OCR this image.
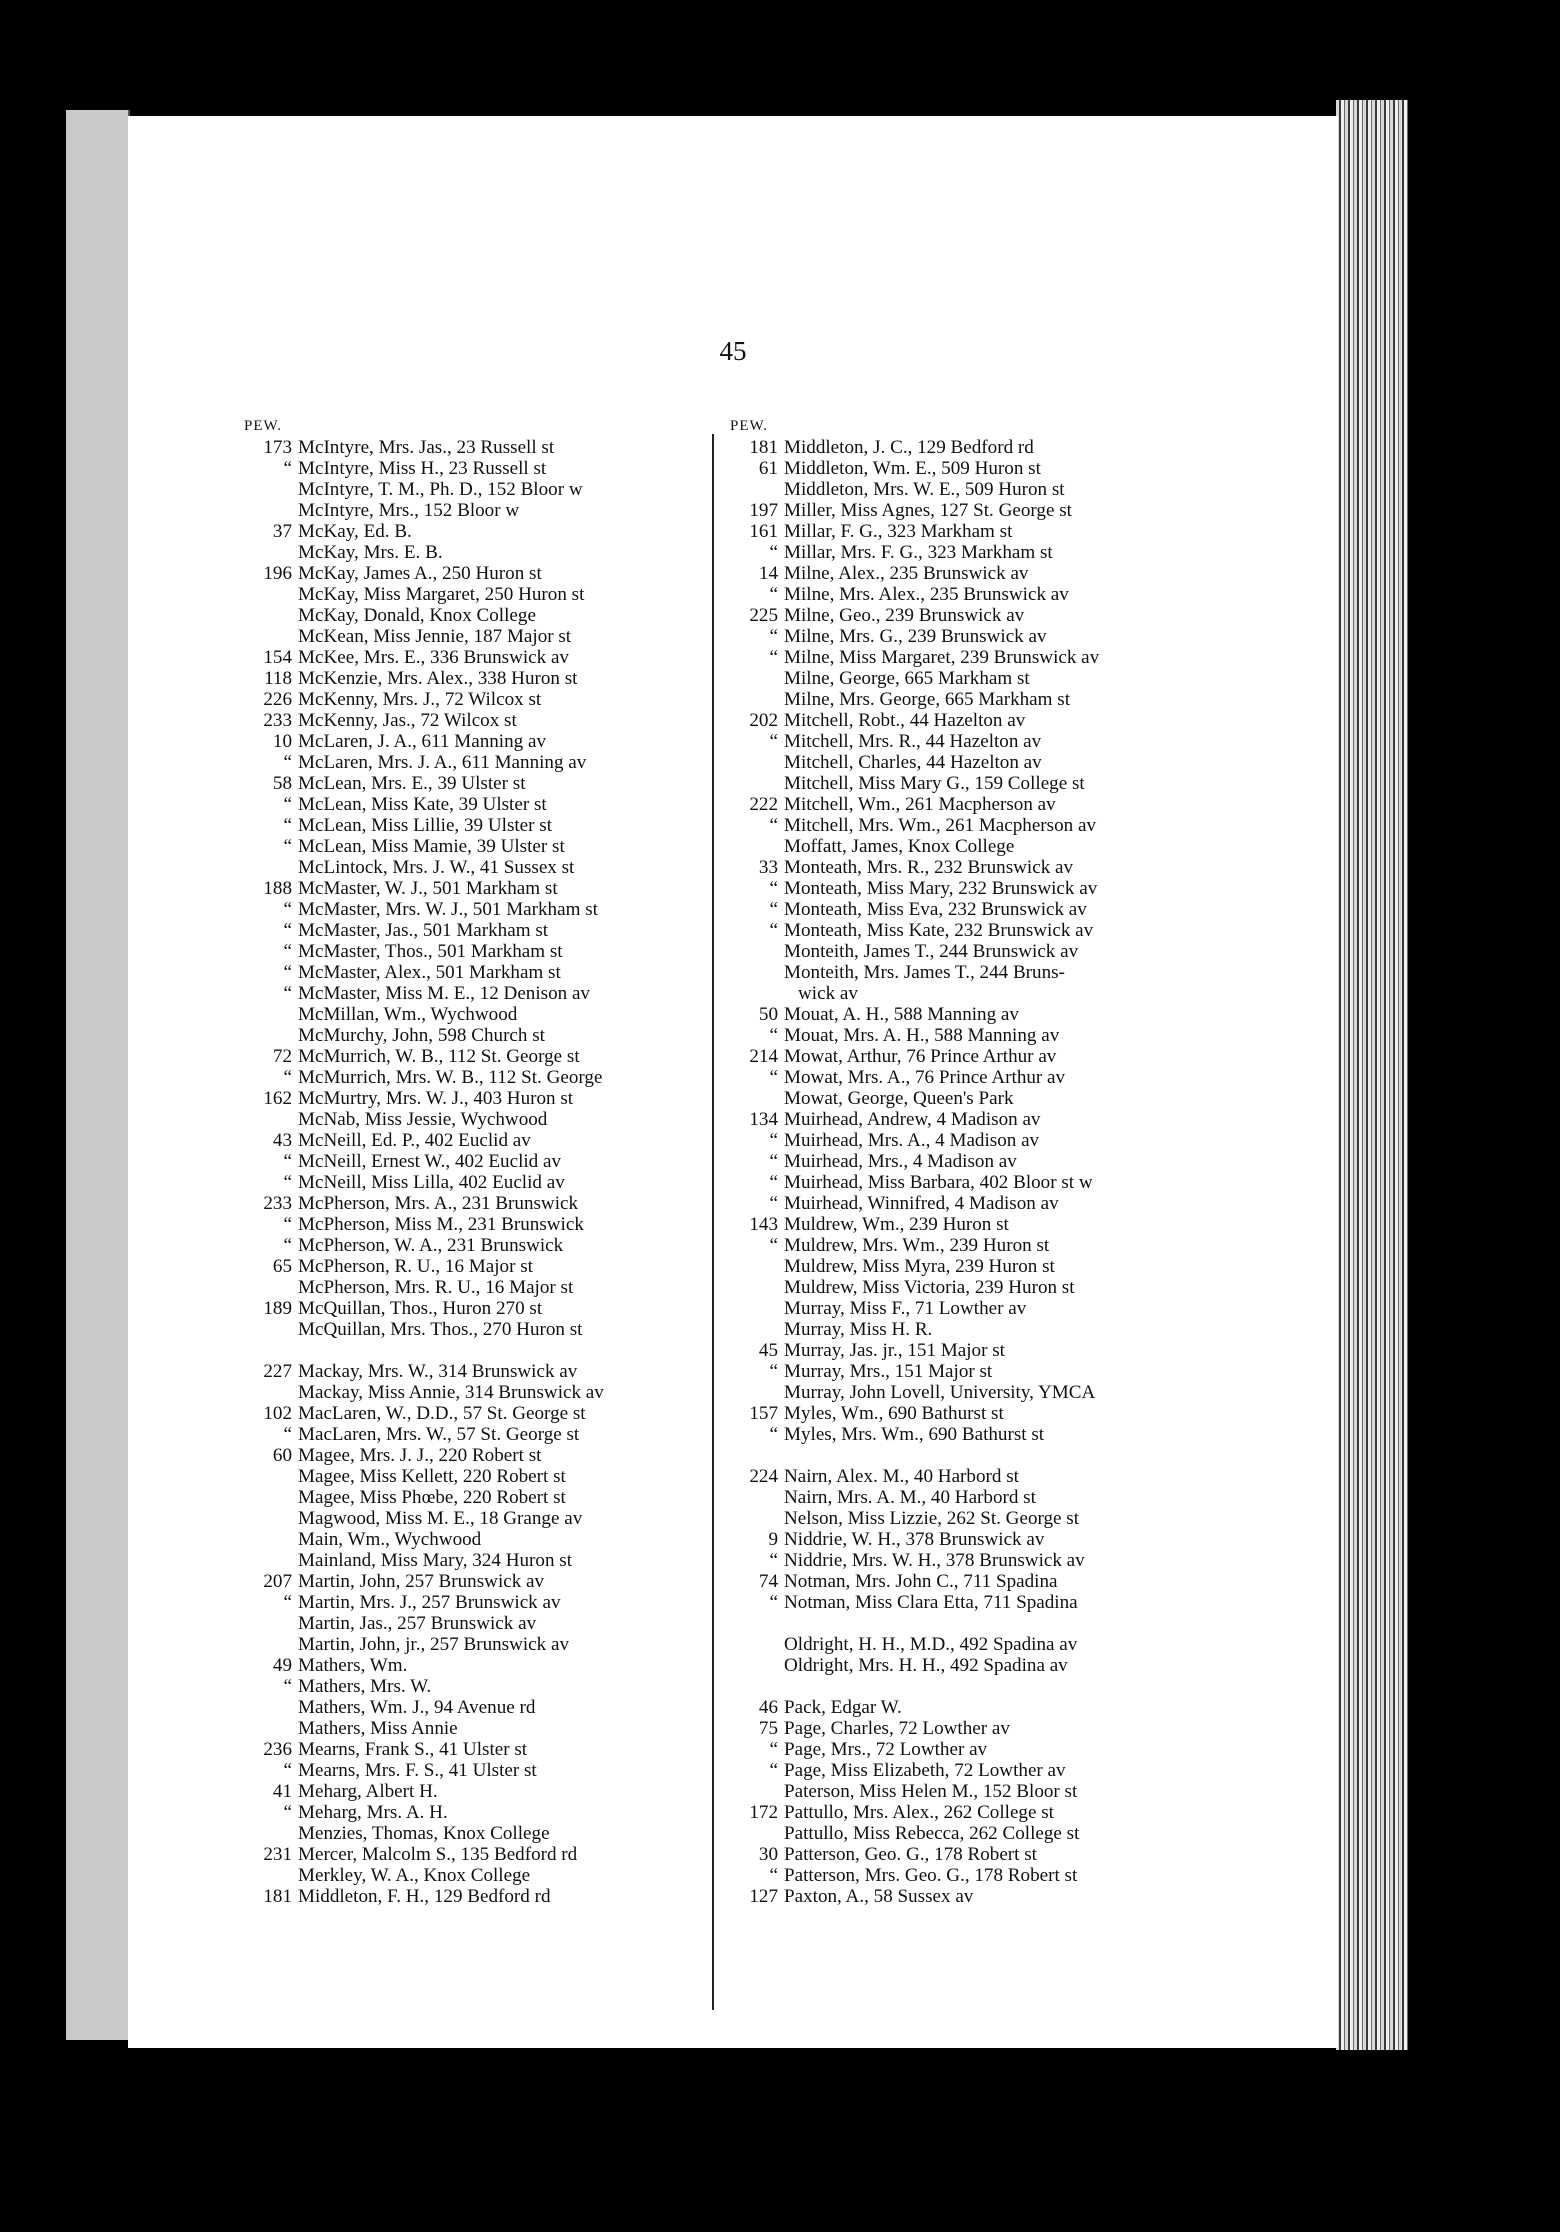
45
PEW.
173 McIntyre, Mrs. Jas., 23 Russell st
“ McIntyre, Miss H., 23 Russell st
McIntyre, T. M., Ph. D., 152 Bloor w
McIntyre, Mrs., 152 Bloor w
37 McKay, Ed. B.
McKay, Mrs. E. B.
196 McKay, James A., 250 Huron st
McKay, Miss Margaret, 250 Huron st
McKay, Donald, Knox College
McKean, Miss Jennie, 187 Major st
154 McKee, Mrs. E., 336 Brunswick av
118 McKenzie, Mrs. Alex., 338 Huron st
226 McKenny, Mrs. J., 72 Wilcox st
233 McKenny, Jas., 72 Wilcox st
10 McLaren, J. A., 611 Manning av
“ McLaren, Mrs. J. A., 611 Manning av
58 McLean, Mrs. E., 39 Ulster st
“ McLean, Miss Kate, 39 Ulster st
“ McLean, Miss Lillie, 39 Ulster st
“ McLean, Miss Mamie, 39 Ulster st
McLintock, Mrs. J. W., 41 Sussex st
188 McMaster, W. J., 501 Markham st
“ McMaster, Mrs. W. J., 501 Markham st
“ McMaster, Jas., 501 Markham st
“ McMaster, Thos., 501 Markham st
“ McMaster, Alex., 501 Markham st
“ McMaster, Miss M. E., 12 Denison av
McMillan, Wm., Wychwood
McMurchy, John, 598 Church st
72 McMurrich, W. B., 112 St. George st
“ McMurrich, Mrs. W. B., 112 St. George
162 McMurtry, Mrs. W. J., 403 Huron st
McNab, Miss Jessie, Wychwood
43 McNeill, Ed. P., 402 Euclid av
“ McNeill, Ernest W., 402 Euclid av
“ McNeill, Miss Lilla, 402 Euclid av
233 McPherson, Mrs. A., 231 Brunswick
“ McPherson, Miss M., 231 Brunswick
“ McPherson, W. A., 231 Brunswick
65 McPherson, R. U., 16 Major st
McPherson, Mrs. R. U., 16 Major st
189 McQuillan, Thos., Huron 270 st
McQuillan, Mrs. Thos., 270 Huron st
227 Mackay, Mrs. W., 314 Brunswick av
Mackay, Miss Annie, 314 Brunswick av
102 MacLaren, W., D.D., 57 St. George st
“ MacLaren, Mrs. W., 57 St. George st
60 Magee, Mrs. J. J., 220 Robert st
Magee, Miss Kellett, 220 Robert st
Magee, Miss Phœbe, 220 Robert st
Magwood, Miss M. E., 18 Grange av
Main, Wm., Wychwood
Mainland, Miss Mary, 324 Huron st
207 Martin, John, 257 Brunswick av
“ Martin, Mrs. J., 257 Brunswick av
Martin, Jas., 257 Brunswick av
Martin, John, jr., 257 Brunswick av
49 Mathers, Wm.
“ Mathers, Mrs. W.
Mathers, Wm. J., 94 Avenue rd
Mathers, Miss Annie
236 Mearns, Frank S., 41 Ulster st
“ Mearns, Mrs. F. S., 41 Ulster st
41 Meharg, Albert H.
“ Meharg, Mrs. A. H.
Menzies, Thomas, Knox College
231 Mercer, Malcolm S., 135 Bedford rd
Merkley, W. A., Knox College
181 Middleton, F. H., 129 Bedford rd
PEW.
181 Middleton, J. C., 129 Bedford rd
61 Middleton, Wm. E., 509 Huron st
Middleton, Mrs. W. E., 509 Huron st
197 Miller, Miss Agnes, 127 St. George st
161 Millar, F. G., 323 Markham st
“ Millar, Mrs. F. G., 323 Markham st
14 Milne, Alex., 235 Brunswick av
“ Milne, Mrs. Alex., 235 Brunswick av
225 Milne, Geo., 239 Brunswick av
“ Milne, Mrs. G., 239 Brunswick av
“ Milne, Miss Margaret, 239 Brunswick av
Milne, George, 665 Markham st
Milne, Mrs. George, 665 Markham st
202 Mitchell, Robt., 44 Hazelton av
“ Mitchell, Mrs. R., 44 Hazelton av
Mitchell, Charles, 44 Hazelton av
Mitchell, Miss Mary G., 159 College st
222 Mitchell, Wm., 261 Macpherson av
“ Mitchell, Mrs. Wm., 261 Macpherson av
Moffatt, James, Knox College
33 Monteath, Mrs. R., 232 Brunswick av
“ Monteath, Miss Mary, 232 Brunswick av
“ Monteath, Miss Eva, 232 Brunswick av
“ Monteath, Miss Kate, 232 Brunswick av
Monteith, James T., 244 Brunswick av
Monteith, Mrs. James T., 244 Bruns-
wick av
50 Mouat, A. H., 588 Manning av
“ Mouat, Mrs. A. H., 588 Manning av
214 Mowat, Arthur, 76 Prince Arthur av
“ Mowat, Mrs. A., 76 Prince Arthur av
Mowat, George, Queen's Park
134 Muirhead, Andrew, 4 Madison av
“ Muirhead, Mrs. A., 4 Madison av
“ Muirhead, Mrs., 4 Madison av
“ Muirhead, Miss Barbara, 402 Bloor st w
“ Muirhead, Winnifred, 4 Madison av
143 Muldrew, Wm., 239 Huron st
“ Muldrew, Mrs. Wm., 239 Huron st
Muldrew, Miss Myra, 239 Huron st
Muldrew, Miss Victoria, 239 Huron st
Murray, Miss F., 71 Lowther av
Murray, Miss H. R.
45 Murray, Jas. jr., 151 Major st
“ Murray, Mrs., 151 Major st
Murray, John Lovell, University, YMCA
157 Myles, Wm., 690 Bathurst st
“ Myles, Mrs. Wm., 690 Bathurst st
224 Nairn, Alex. M., 40 Harbord st
Nairn, Mrs. A. M., 40 Harbord st
Nelson, Miss Lizzie, 262 St. George st
9 Niddrie, W. H., 378 Brunswick av
“ Niddrie, Mrs. W. H., 378 Brunswick av
74 Notman, Mrs. John C., 711 Spadina
“ Notman, Miss Clara Etta, 711 Spadina
Oldright, H. H., M.D., 492 Spadina av
Oldright, Mrs. H. H., 492 Spadina av
46 Pack, Edgar W.
75 Page, Charles, 72 Lowther av
“ Page, Mrs., 72 Lowther av
“ Page, Miss Elizabeth, 72 Lowther av
Paterson, Miss Helen M., 152 Bloor st
172 Pattullo, Mrs. Alex., 262 College st
Pattullo, Miss Rebecca, 262 College st
30 Patterson, Geo. G., 178 Robert st
“ Patterson, Mrs. Geo. G., 178 Robert st
127 Paxton, A., 58 Sussex av
